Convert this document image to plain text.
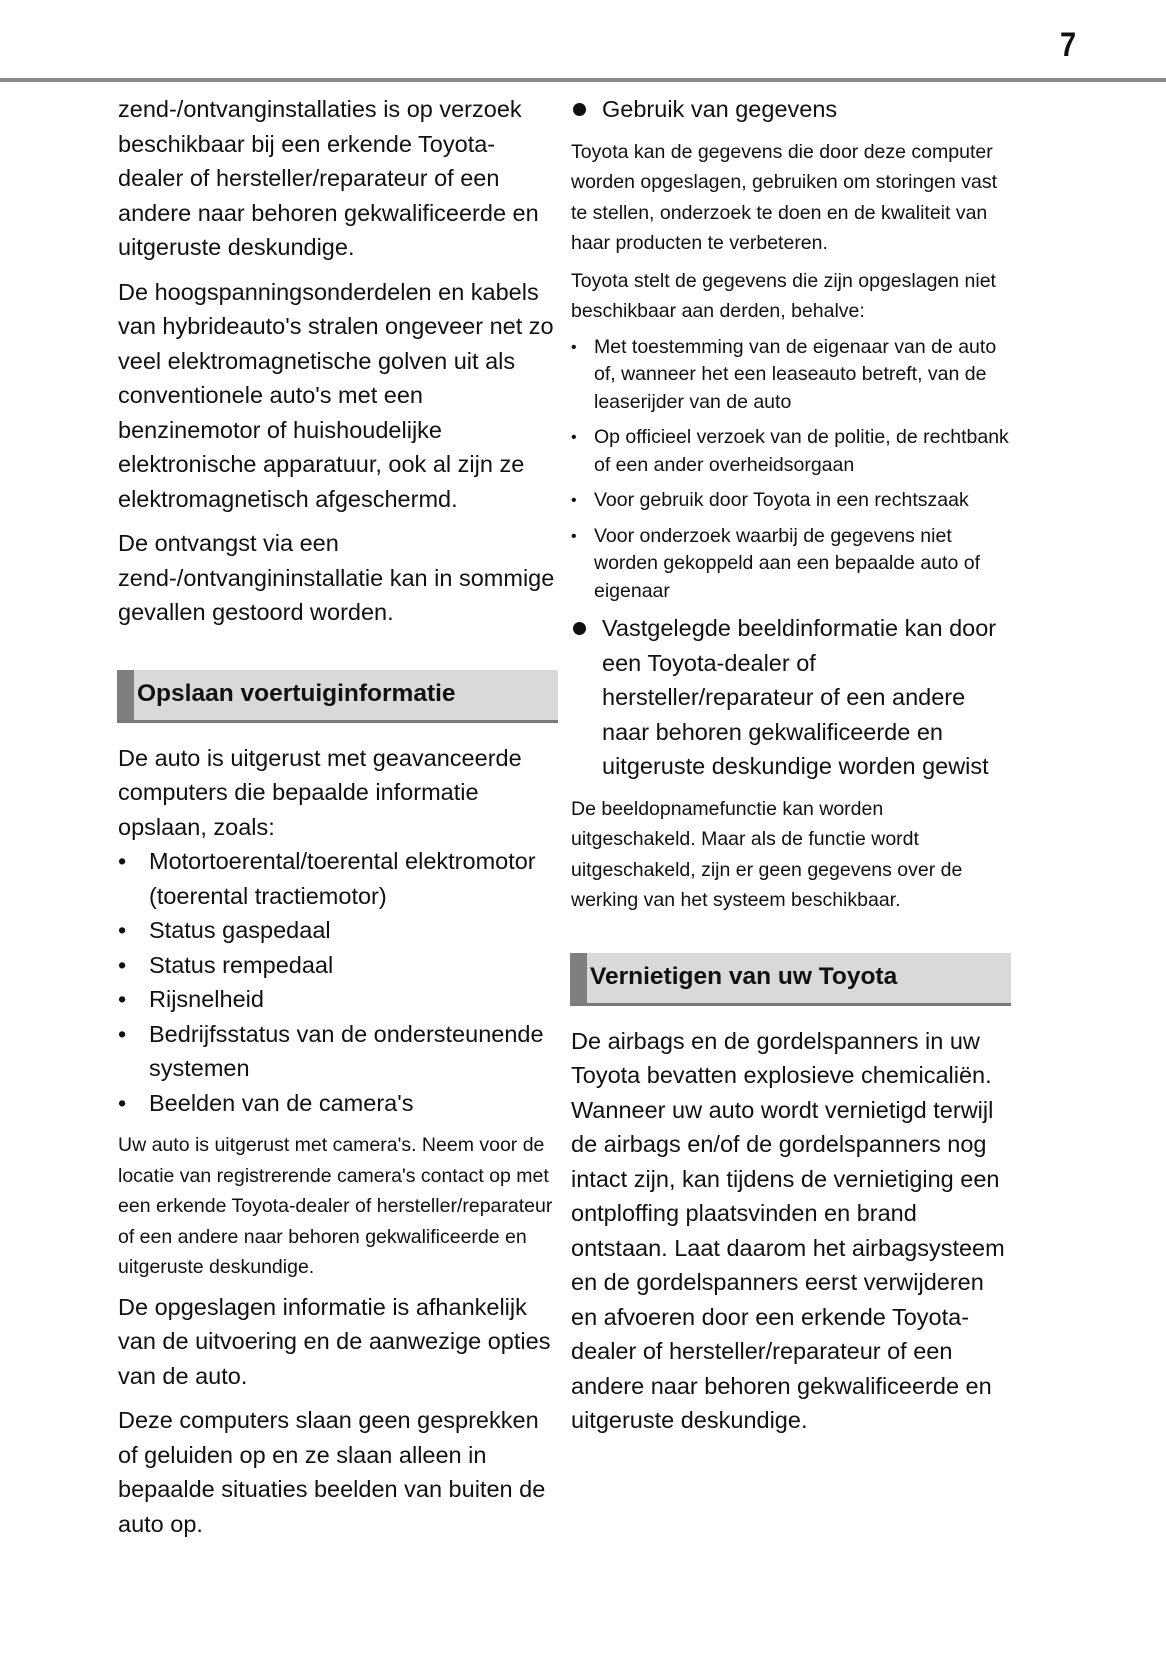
7

zend-/ontvanginstallaties is op verzoek beschikbaar bij een erkende Toyota-dealer of hersteller/reparateur of een andere naar behoren gekwalificeerde en uitgeruste deskundige.

De hoogspanningsonderdelen en kabels van hybrideauto's stralen ongeveer net zo veel elektromagnetische golven uit als conventionele auto's met een benzinemotor of huishoudelijke elektronische apparatuur, ook al zijn ze elektromagnetisch afgeschermd.

De ontvangst via een zend-/ontvangininstallatie kan in sommige gevallen gestoord worden.

Opslaan voertuiginformatie

De auto is uitgerust met geavanceerde computers die bepaalde informatie opslaan, zoals:

• Motortoerental/toerental elektromotor (toerental tractiemotor)
• Status gaspedaal
• Status rempedaal
• Rijsnelheid
• Bedrijfsstatus van de ondersteunende systemen
• Beelden van de camera's

Uw auto is uitgerust met camera's. Neem voor de locatie van registrerende camera's contact op met een erkende Toyota-dealer of hersteller/reparateur of een andere naar behoren gekwalificeerde en uitgeruste deskundige.

De opgeslagen informatie is afhankelijk van de uitvoering en de aanwezige opties van de auto.

Deze computers slaan geen gesprekken of geluiden op en ze slaan alleen in bepaalde situaties beelden van buiten de auto op.

Gebruik van gegevens

Toyota kan de gegevens die door deze computer worden opgeslagen, gebruiken om storingen vast te stellen, onderzoek te doen en de kwaliteit van haar producten te verbeteren.

Toyota stelt de gegevens die zijn opgeslagen niet beschikbaar aan derden, behalve:

• Met toestemming van de eigenaar van de auto of, wanneer het een leaseauto betreft, van de leaserijder van de auto
• Op officieel verzoek van de politie, de rechtbank of een ander overheidsorgaan
• Voor gebruik door Toyota in een rechtszaak
• Voor onderzoek waarbij de gegevens niet worden gekoppeld aan een bepaalde auto of eigenaar
Vastgelegde beeldinformatie kan door een Toyota-dealer of hersteller/reparateur of een andere naar behoren gekwalificeerde en uitgeruste deskundige worden gewist

De beeldopnamefunctie kan worden uitgeschakeld. Maar als de functie wordt uitgeschakeld, zijn er geen gegevens over de werking van het systeem beschikbaar.

Vernietigen van uw Toyota

De airbags en de gordelspanners in uw Toyota bevatten explosieve chemicaliën. Wanneer uw auto wordt vernietigd terwijl de airbags en/of de gordelspanners nog intact zijn, kan tijdens de vernietiging een ontploffing plaatsvinden en brand ontstaan. Laat daarom het airbagsysteem en de gordelspanners eerst verwijderen en afvoeren door een erkende Toyota-dealer of hersteller/reparateur of een andere naar behoren gekwalificeerde en uitgeruste deskundige.
